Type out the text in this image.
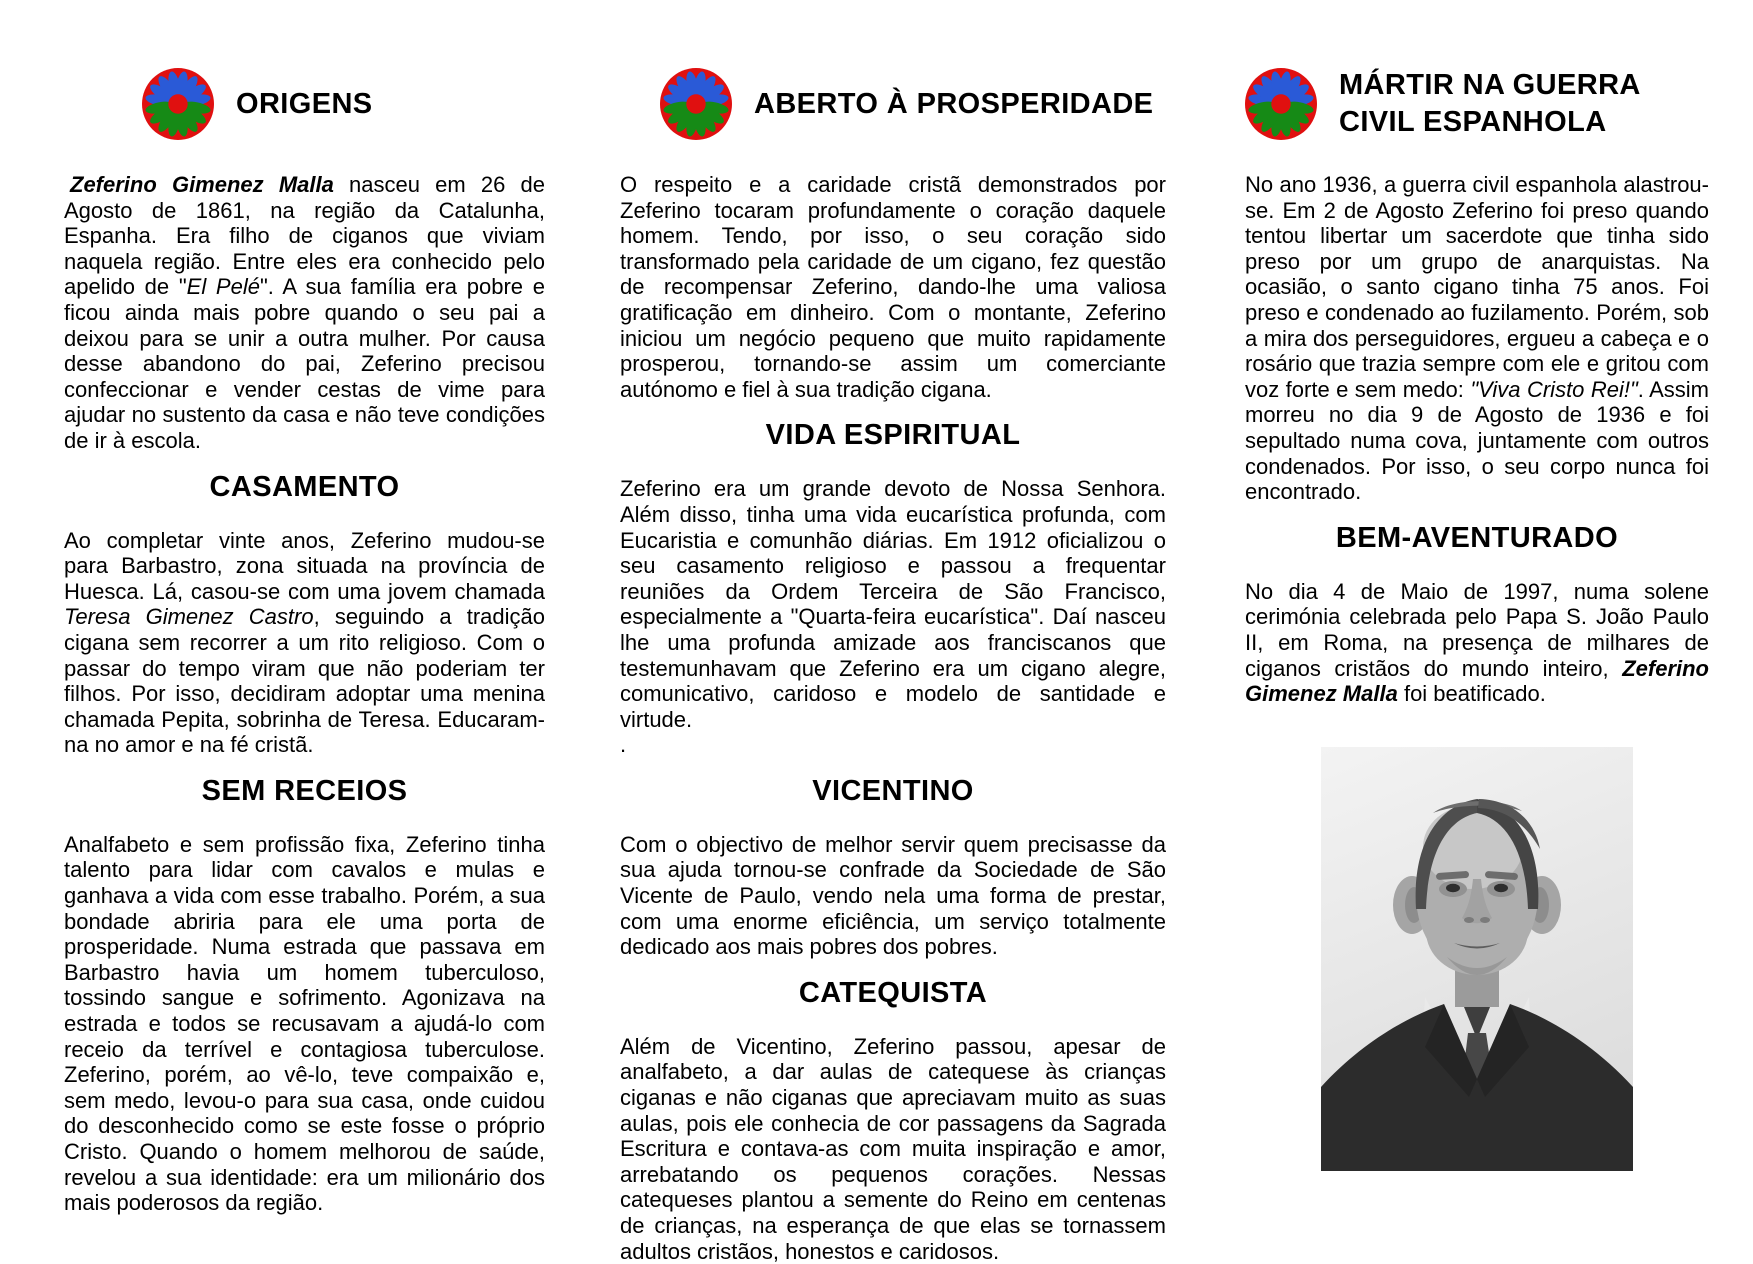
ORIGENS

Zeferino Gimenez Malla nasceu em 26 de Agosto de 1861, na região da Catalunha, Espanha. Era filho de ciganos que viviam naquela região. Entre eles era conhecido pelo apelido de "El Pelé". A sua família era pobre e ficou ainda mais pobre quando o seu pai a deixou para se unir a outra mulher. Por causa desse abandono do pai, Zeferino precisou confeccionar e vender cestas de vime para ajudar no sustento da casa e não teve condições de ir à escola.

CASAMENTO

Ao completar vinte anos, Zeferino mudou-se para Barbastro, zona situada na província de Huesca. Lá, casou-se com uma jovem chamada Teresa Gimenez Castro, seguindo a tradição cigana sem recorrer a um rito religioso. Com o passar do tempo viram que não poderiam ter filhos. Por isso, decidiram adoptar uma menina chamada Pepita, sobrinha de Teresa. Educaram-na no amor e na fé cristã.

SEM RECEIOS

Analfabeto e sem profissão fixa, Zeferino tinha talento para lidar com cavalos e mulas e ganhava a vida com esse trabalho. Porém, a sua bondade abriria para ele uma porta de prosperidade. Numa estrada que passava em Barbastro havia um homem tuberculoso, tossindo sangue e sofrimento. Agonizava na estrada e todos se recusavam a ajudá-lo com receio da terrível e contagiosa tuberculose. Zeferino, porém, ao vê-lo, teve compaixão e, sem medo, levou-o para sua casa, onde cuidou do desconhecido como se este fosse o próprio Cristo. Quando o homem melhorou de saúde, revelou a sua identidade: era um milionário dos mais poderosos da região.

ABERTO À PROSPERIDADE

O respeito e a caridade cristã demonstrados por Zeferino tocaram profundamente o coração daquele homem. Tendo, por isso, o seu coração sido transformado pela caridade de um cigano, fez questão de recompensar Zeferino, dando-lhe uma valiosa gratificação em dinheiro. Com o montante, Zeferino iniciou um negócio pequeno que muito rapidamente prosperou, tornando-se assim um comerciante autónomo e fiel à sua tradição cigana.

VIDA ESPIRITUAL

Zeferino era um grande devoto de Nossa Senhora. Além disso, tinha uma vida eucarística profunda, com Eucaristia e comunhão diárias. Em 1912 oficializou o seu casamento religioso e passou a frequentar reuniões da Ordem Terceira de São Francisco, especialmente a "Quarta-feira eucarística". Daí nasceu lhe uma profunda amizade aos franciscanos que testemunhavam que Zeferino era um cigano alegre, comunicativo, caridoso e modelo de santidade e virtude.

.

VICENTINO

Com o objectivo de melhor servir quem precisasse da sua ajuda tornou-se confrade da Sociedade de São Vicente de Paulo, vendo nela uma forma de prestar, com uma enorme eficiência, um serviço totalmente dedicado aos mais pobres dos pobres.

CATEQUISTA

Além de Vicentino, Zeferino passou, apesar de analfabeto, a dar aulas de catequese às crianças ciganas e não ciganas que apreciavam muito as suas aulas, pois ele conhecia de cor passagens da Sagrada Escritura e contava-as com muita inspiração e amor, arrebatando os pequenos corações. Nessas catequeses plantou a semente do Reino em centenas de crianças, na esperança de que elas se tornassem adultos cristãos, honestos e caridosos.

MÁRTIR NA GUERRA CIVIL ESPANHOLA

No ano 1936, a guerra civil espanhola alastrou-se. Em 2 de Agosto Zeferino foi preso quando tentou libertar um sacerdote que tinha sido preso por um grupo de anarquistas. Na ocasião, o santo cigano tinha 75 anos. Foi preso e condenado ao fuzilamento. Porém, sob a mira dos perseguidores, ergueu a cabeça e o rosário que trazia sempre com ele e gritou com voz forte e sem medo: "Viva Cristo Rei!". Assim morreu no dia 9 de Agosto de 1936 e foi sepultado numa cova, juntamente com outros condenados. Por isso, o seu corpo nunca foi encontrado.

BEM-AVENTURADO

No dia 4 de Maio de 1997, numa solene cerimónia celebrada pelo Papa S. João Paulo II, em Roma, na presença de milhares de ciganos cristãos do mundo inteiro, Zeferino Gimenez Malla foi beatificado.
